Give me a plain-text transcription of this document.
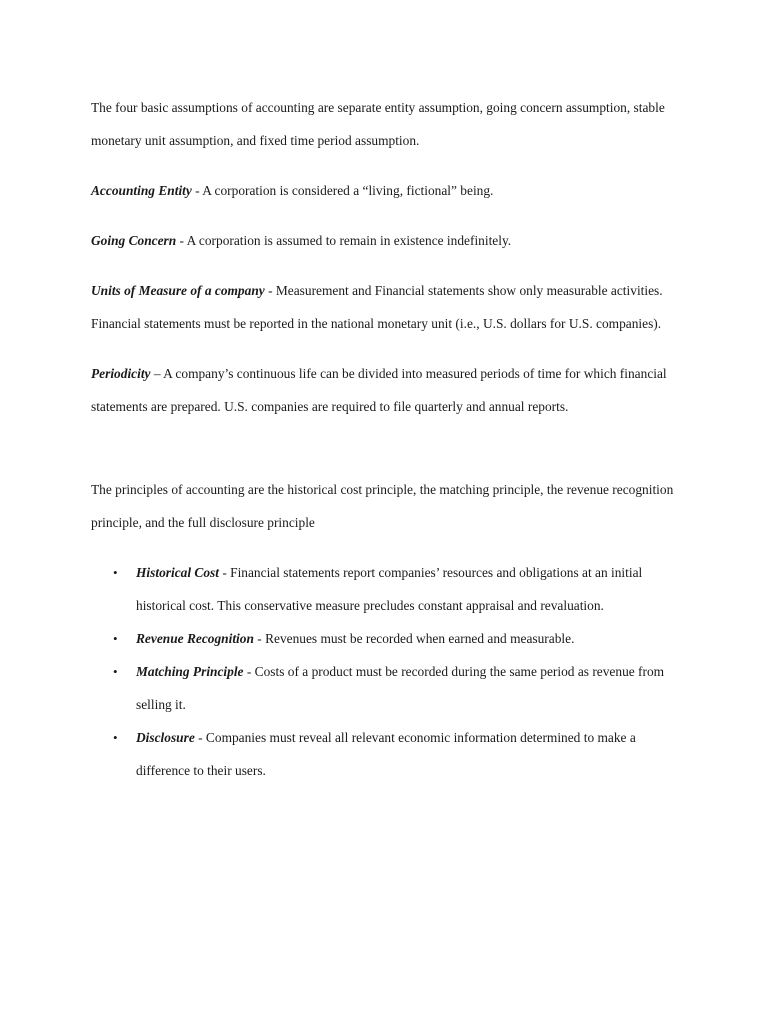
The four basic assumptions of accounting are separate entity assumption, going concern assumption, stable monetary unit assumption, and fixed time period assumption.

Accounting Entity - A corporation is considered a “living, fictional” being.

Going Concern - A corporation is assumed to remain in existence indefinitely.

Units of Measure of a company - Measurement and Financial statements show only measurable activities. Financial statements must be reported in the national monetary unit (i.e., U.S. dollars for U.S. companies).

Periodicity – A company’s continuous life can be divided into measured periods of time for which financial statements are prepared. U.S. companies are required to file quarterly and annual reports.

The principles of accounting are the historical cost principle, the matching principle, the revenue recognition principle, and the full disclosure principle

• Historical Cost - Financial statements report companies’ resources and obligations at an initial historical cost. This conservative measure precludes constant appraisal and revaluation.
• Revenue Recognition - Revenues must be recorded when earned and measurable.
• Matching Principle - Costs of a product must be recorded during the same period as revenue from selling it.
• Disclosure - Companies must reveal all relevant economic information determined to make a difference to their users.
